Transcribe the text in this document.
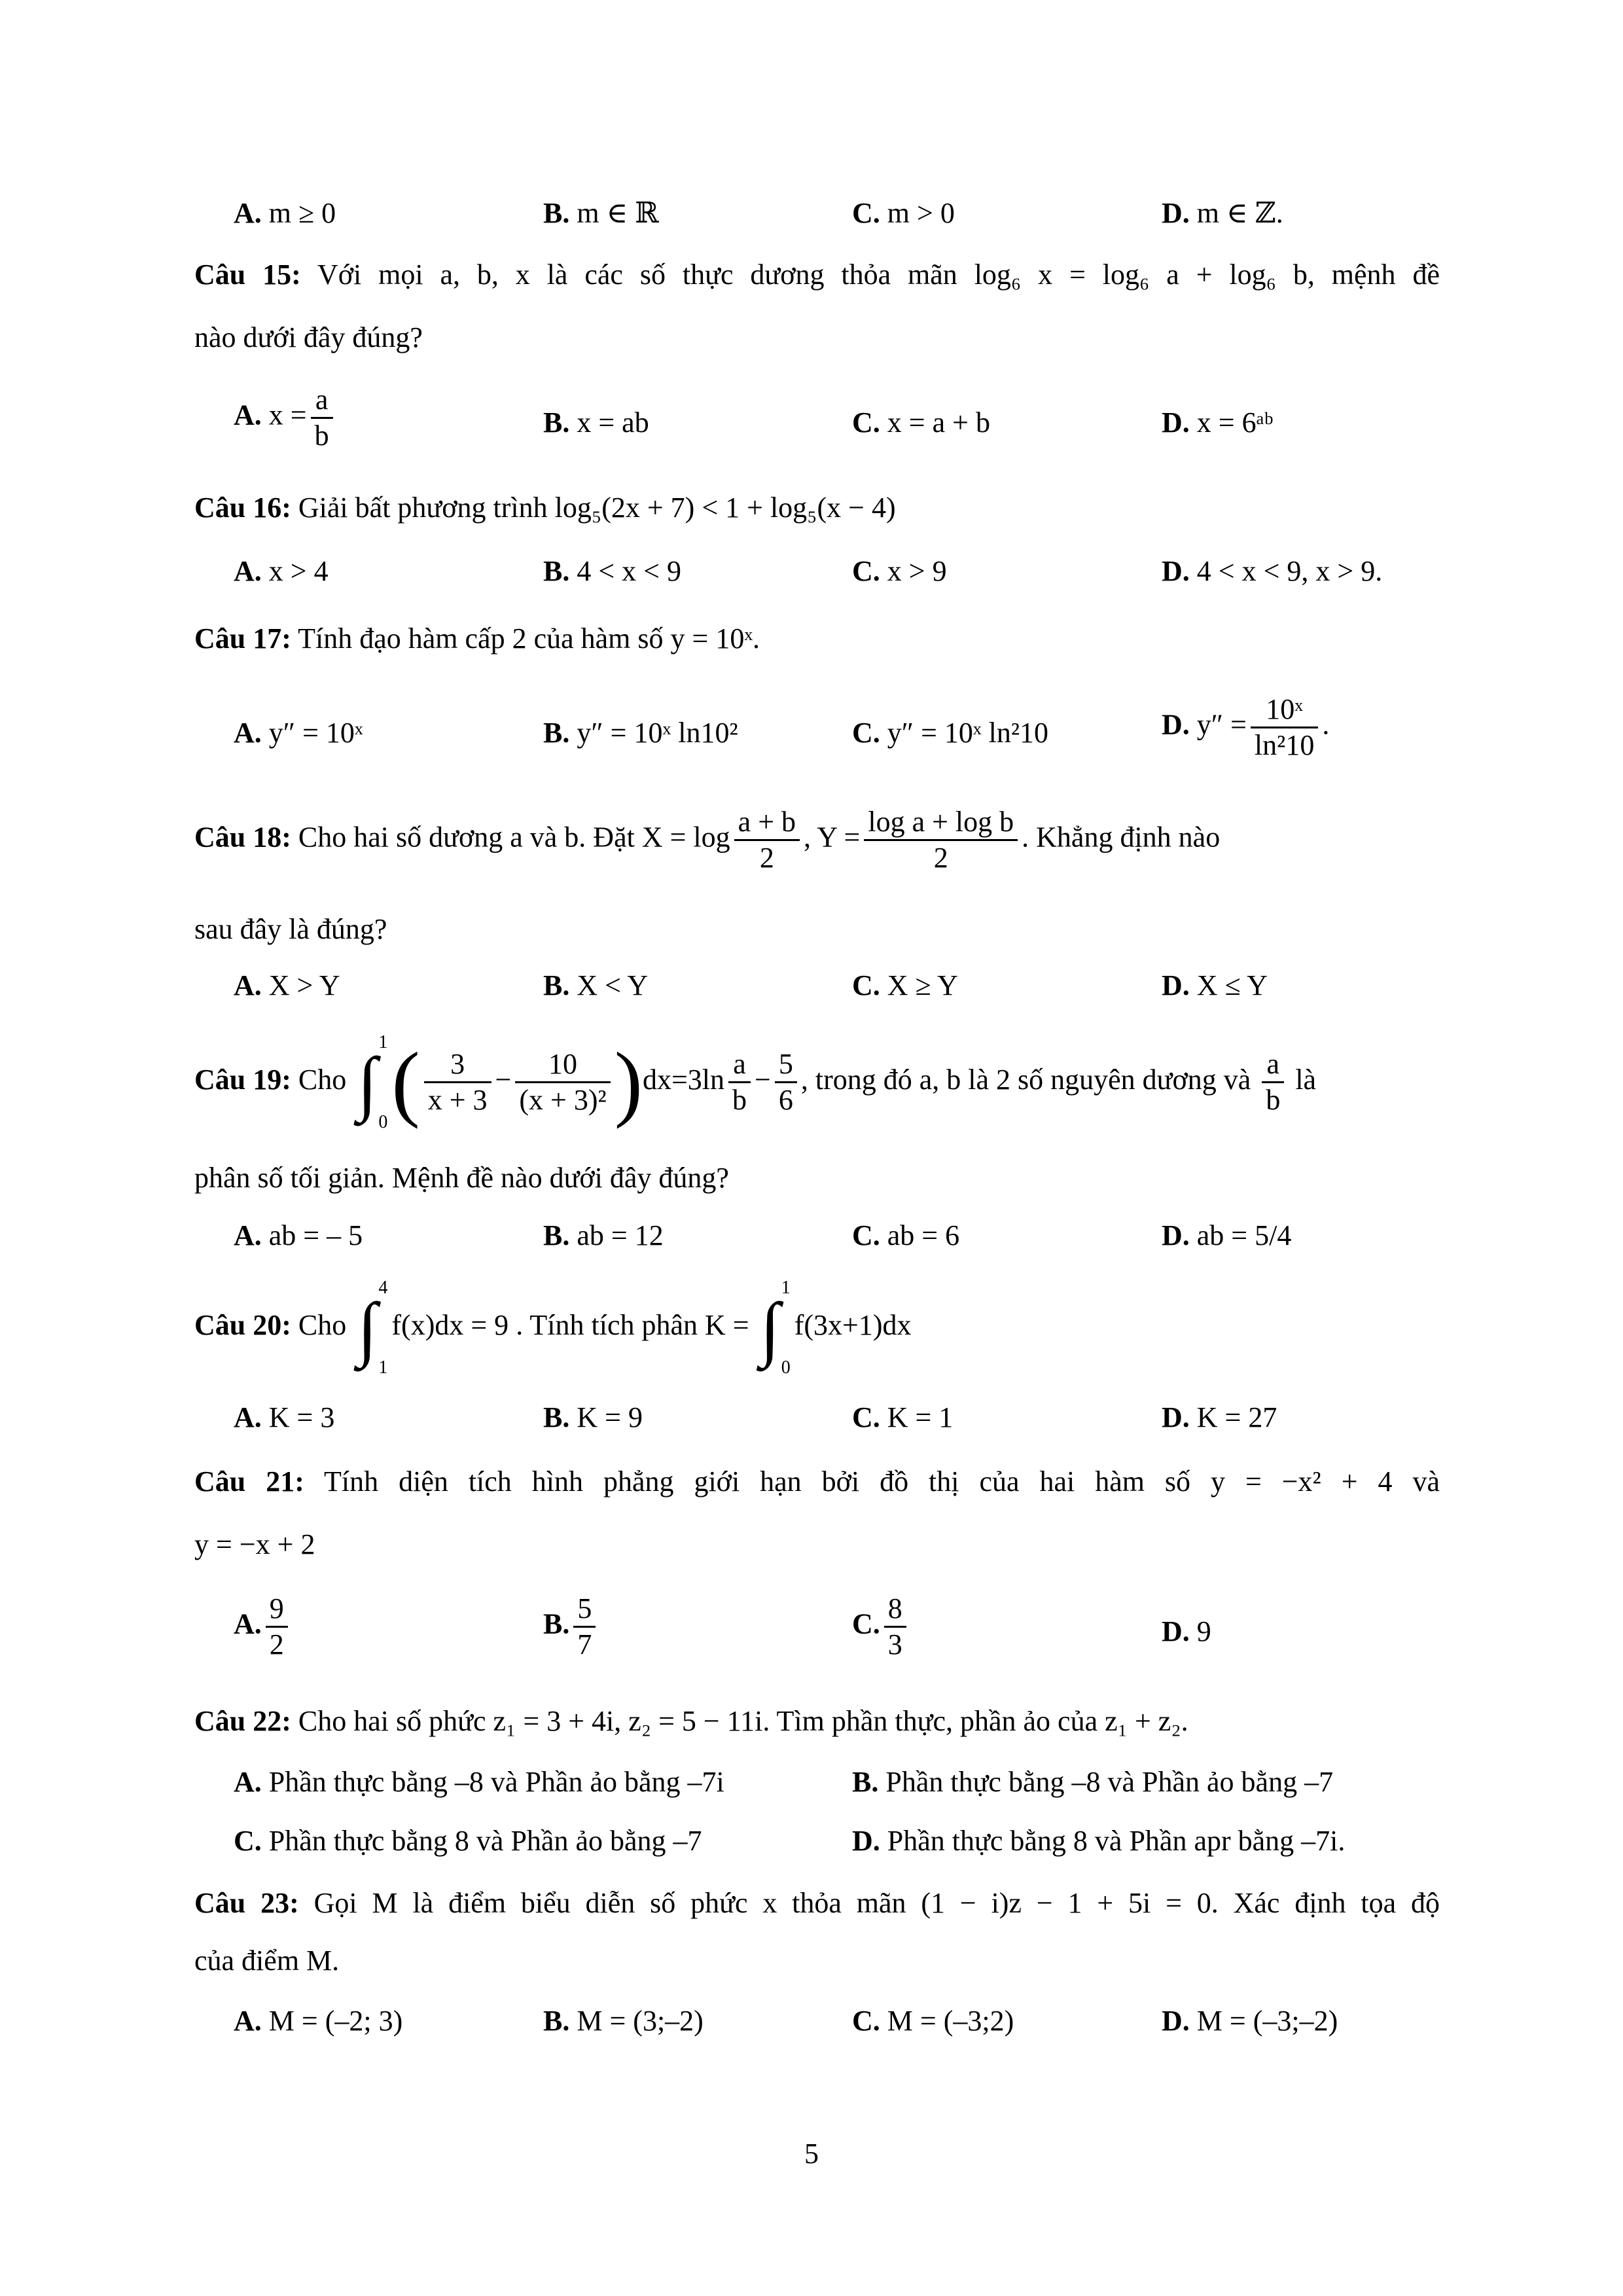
A. m ≥ 0	B. m ∈ ℝ	C. m > 0	D. m ∈ ℤ.
Câu 15: Với mọi a, b, x là các số thực dương thỏa mãn log₆ x = log₆ a + log₆ b, mệnh đề
nào dưới đây đúng?
A. $x = \frac{a}{b}$	B. x = ab	C. x = a + b	D. x = 6ᵃᵇ
Câu 16: Giải bất phương trình log₅(2x + 7) < 1 + log₅(x − 4)
A. x > 4	B. 4 < x < 9	C. x > 9	D. 4 < x < 9, x > 9.
Câu 17: Tính đạo hàm cấp 2 của hàm số y = 10ˣ.
A. y″ = 10ˣ	B. y″ = 10ˣ ln10²	C. y″ = 10ˣ ln²10	D. $y'' = \frac{\text{10ˣ}}{\text{ln²10}}$ .
Câu 18: Cho hai số dương a và b. Đặt $X = \log \frac{a + b}{2}$ , $Y = \frac{\text{log a + log b}}{2}$ . Khẳng định nào
sau đây là đúng?
A. X > Y	B. X < Y	C. X ≥ Y	D. X ≤ Y
Câu 19: Cho ∫
1
0 ( $\frac{3}{x + 3} - \frac{10}{\text{(x + 3)²}} )dx=3\ln \frac{a}{b} - \frac{5}{6}$ , trong đó a, b là 2 số nguyên dương và $\frac{a}{b}$ là
phân số tối giản. Mệnh đề nào dưới đây đúng?
A. ab = – 5	B. ab = 12	C. ab = 6	D. ab = 5/4
Câu 20: Cho ∫
4
1
f(x)dx = 9 . Tính tích phân K = ∫
1
0
f(3x+1)dx
A. K = 3	B. K = 9	C. K = 1	D. K = 27
Câu 21: Tính diện tích hình phẳng giới hạn bởi đồ thị của hai hàm số y = −x² + 4 và
y = −x + 2
A. $\frac{9}{2}$	B. $\frac{5}{7}$	C. $\frac{8}{3}$	D. 9
Câu 22: Cho hai số phức z₁ = 3 + 4i, z₂ = 5 − 11i. Tìm phần thực, phần ảo của z₁ + z₂.
A. Phần thực bằng –8 và Phần ảo bằng –7i	B. Phần thực bằng –8 và Phần ảo bằng –7
C. Phần thực bằng 8 và Phần ảo bằng –7	D. Phần thực bằng 8 và Phần apr bằng –7i.
Câu 23: Gọi M là điểm biểu diễn số phức x thỏa mãn (1 − i)z − 1 + 5i = 0. Xác định tọa độ
của điểm M.
A. M = (–2; 3)	B. M = (3;–2)	C. M = (–3;2)	D. M = (–3;–2)
5
